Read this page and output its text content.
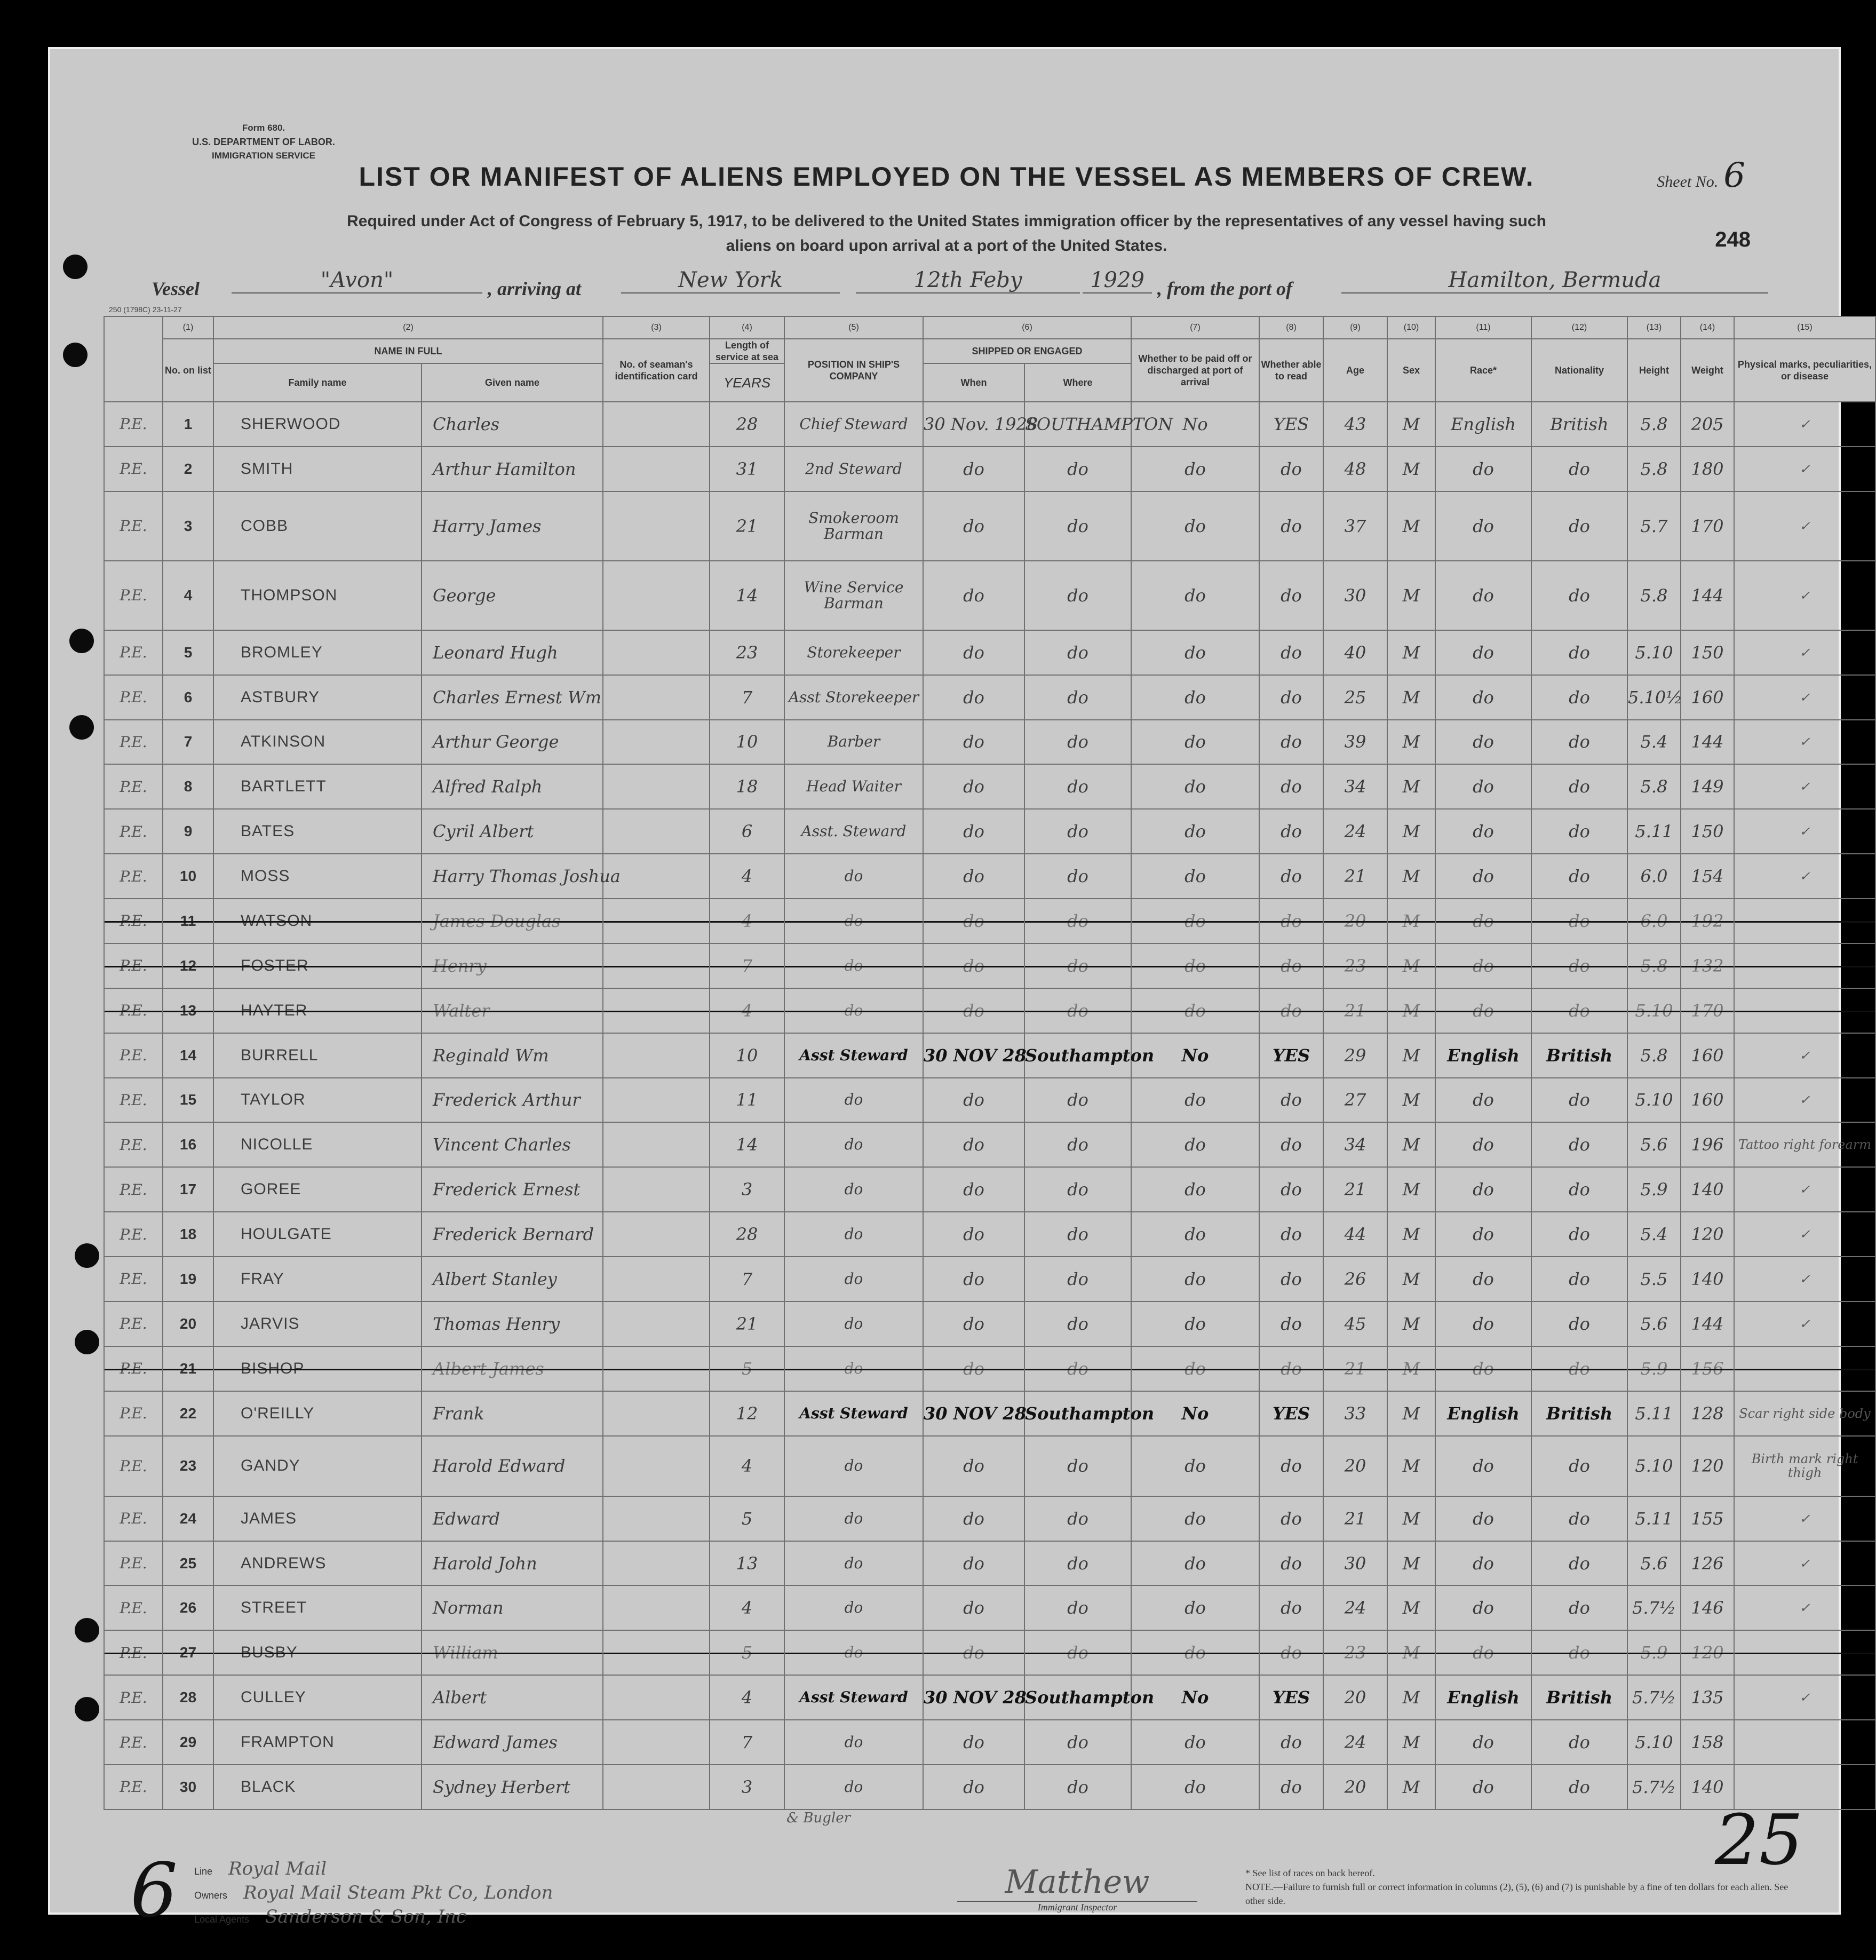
Form 680.
U.S. DEPARTMENT OF LABOR.
IMMIGRATION SERVICE
Sheet No. 6
LIST OR MANIFEST OF ALIENS EMPLOYED ON THE VESSEL AS MEMBERS OF CREW.
Required under Act of Congress of February 5, 1917, to be delivered to the United States immigration officer by the representatives of any vessel having such
aliens on board upon arrival at a port of the United States.	248
Vessel	"Avon"	, arriving at	New York	12th Feby	1929 , from the port of	Hamilton, Bermuda
250 (1798C) 23-11-27
	(1)	(2)		(3)	(4)	(5)	(6)		(7)	(8)	(9)	(10)	(11)	(12)	(13)	(14)	(15)
	No. on list	NAME IN FULL		No. of seaman's identification card	Length of service at sea	POSITION IN SHIP'S COMPANY	SHIPPED OR ENGAGED		Whether to be paid off or discharged at port of arrival	Whether able to read	Age	Sex	Race*	Nationality	Height	Weight	Physical marks, peculiarities, or disease
		Family name	Given name		YEARS		When	Where									
P.E.	1	SHERWOOD	Charles		28	Chief Steward	30 Nov. 1928	SOUTHAMPTON	No	YES	43	M	English	British	5.8	205	✓
P.E.	2	SMITH	Arthur Hamilton		31	2nd Steward	do	do	do	do	48	M	do	do	5.8	180	✓
P.E.	3	COBB	Harry James		21	Smokeroom Barman	do	do	do	do	37	M	do	do	5.7	170	✓
P.E.	4	THOMPSON	George		14	Wine Service Barman	do	do	do	do	30	M	do	do	5.8	144	✓
P.E.	5	BROMLEY	Leonard Hugh		23	Storekeeper	do	do	do	do	40	M	do	do	5.10	150	✓
P.E.	6	ASTBURY	Charles Ernest Wm		7	Asst Storekeeper	do	do	do	do	25	M	do	do	5.10½	160	✓
P.E.	7	ATKINSON	Arthur George		10	Barber	do	do	do	do	39	M	do	do	5.4	144	✓
P.E.	8	BARTLETT	Alfred Ralph		18	Head Waiter	do	do	do	do	34	M	do	do	5.8	149	✓
P.E.	9	BATES	Cyril Albert		6	Asst. Steward	do	do	do	do	24	M	do	do	5.11	150	✓
P.E.	10	MOSS	Harry Thomas Joshua		4	do	do	do	do	do	21	M	do	do	6.0	154	✓
P.E.	11	WATSON	James Douglas		4	do	do	do	do	do	20	M	do	do	6.0	192	
P.E.	12	FOSTER	Henry		7	do	do	do	do	do	23	M	do	do	5.8	132	
P.E.	13	HAYTER	Walter		4	do	do	do	do	do	21	M	do	do	5.10	170	
P.E.	14	BURRELL	Reginald Wm		10	Asst Steward	30 NOV 28	Southampton	No	YES	29	M	English	British	5.8	160	✓
P.E.	15	TAYLOR	Frederick Arthur		11	do	do	do	do	do	27	M	do	do	5.10	160	✓
P.E.	16	NICOLLE	Vincent Charles		14	do	do	do	do	do	34	M	do	do	5.6	196	Tattoo right forearm
P.E.	17	GOREE	Frederick Ernest		3	do	do	do	do	do	21	M	do	do	5.9	140	✓
P.E.	18	HOULGATE	Frederick Bernard		28	do	do	do	do	do	44	M	do	do	5.4	120	✓
P.E.	19	FRAY	Albert Stanley		7	do	do	do	do	do	26	M	do	do	5.5	140	✓
P.E.	20	JARVIS	Thomas Henry		21	do	do	do	do	do	45	M	do	do	5.6	144	✓
P.E.	21	BISHOP	Albert James		5	do	do	do	do	do	21	M	do	do	5.9	156	
P.E.	22	O'REILLY	Frank		12	Asst Steward	30 NOV 28	Southampton	No	YES	33	M	English	British	5.11	128	Scar right side body
P.E.	23	GANDY	Harold Edward		4	do	do	do	do	do	20	M	do	do	5.10	120	Birth mark right thigh
P.E.	24	JAMES	Edward		5	do	do	do	do	do	21	M	do	do	5.11	155	✓
P.E.	25	ANDREWS	Harold John		13	do	do	do	do	do	30	M	do	do	5.6	126	✓
P.E.	26	STREET	Norman		4	do	do	do	do	do	24	M	do	do	5.7½	146	✓
P.E.	27	BUSBY	William		5	do	do	do	do	do	23	M	do	do	5.9	120	
P.E.	28	CULLEY	Albert		4	Asst Steward	30 NOV 28	Southampton	No	YES	20	M	English	British	5.7½	135	✓
P.E.	29	FRAMPTON	Edward James		7	do	do	do	do	do	24	M	do	do	5.10	158	
P.E.	30	BLACK	Sydney Herbert		3	do	do	do	do	do	20	M	do	do	5.7½	140	
& Bugler
6
25
Line Royal Mail
Owners Royal Mail Steam Pkt Co, London
Local Agents Sanderson & Son, Inc
Matthew
Immigrant Inspector
* See list of races on back hereof.
NOTE.—Failure to furnish full or correct information in columns (2), (5), (6) and (7) is punishable by a fine of ten dollars for each alien. See other side.
